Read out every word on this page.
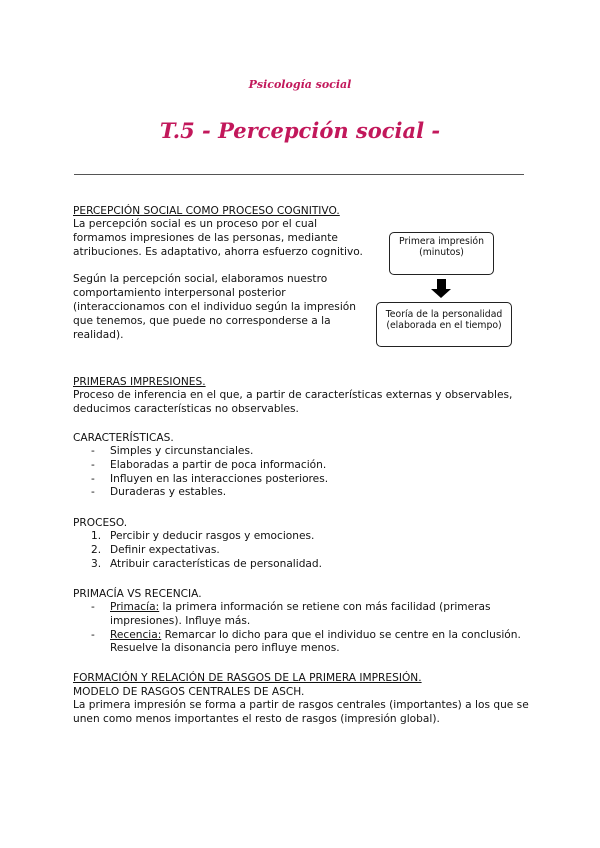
Psicología social
T.5 - Percepción social -
PERCEPCIÓN SOCIAL COMO PROCESO COGNITIVO.

La percepción social es un proceso por el cual formamos impresiones de las personas, mediante atribuciones. Es adaptativo, ahorra esfuerzo cognitivo.

Según la percepción social, elaboramos nuestro comportamiento interpersonal posterior (interaccionamos con el individuo según la impresión que tenemos, que puede no corresponderse a la realidad).

Primera impresión (minutos)
Teoría de la personalidad (elaborada en el tiempo)
PRIMERAS IMPRESIONES.

Proceso de inferencia en el que, a partir de características externas y observables, deducimos características no observables.

CARACTERÍSTICAS.
- Simples y circunstanciales.
- Elaboradas a partir de poca información.
- Influyen en las interacciones posteriores.
- Duraderas y estables.
PROCESO.
1. Percibir y deducir rasgos y emociones.
2. Definir expectativas.
3. Atribuir características de personalidad.
PRIMACÍA VS RECENCIA.
- Primacía: la primera información se retiene con más facilidad (primeras impresiones). Influye más.
- Recencia: Remarcar lo dicho para que el individuo se centre en la conclusión. Resuelve la disonancia pero influye menos.
FORMACIÓN Y RELACIÓN DE RASGOS DE LA PRIMERA IMPRESIÓN.
MODELO DE RASGOS CENTRALES DE ASCH.

La primera impresión se forma a partir de rasgos centrales (importantes) a los que se unen como menos importantes el resto de rasgos (impresión global).
